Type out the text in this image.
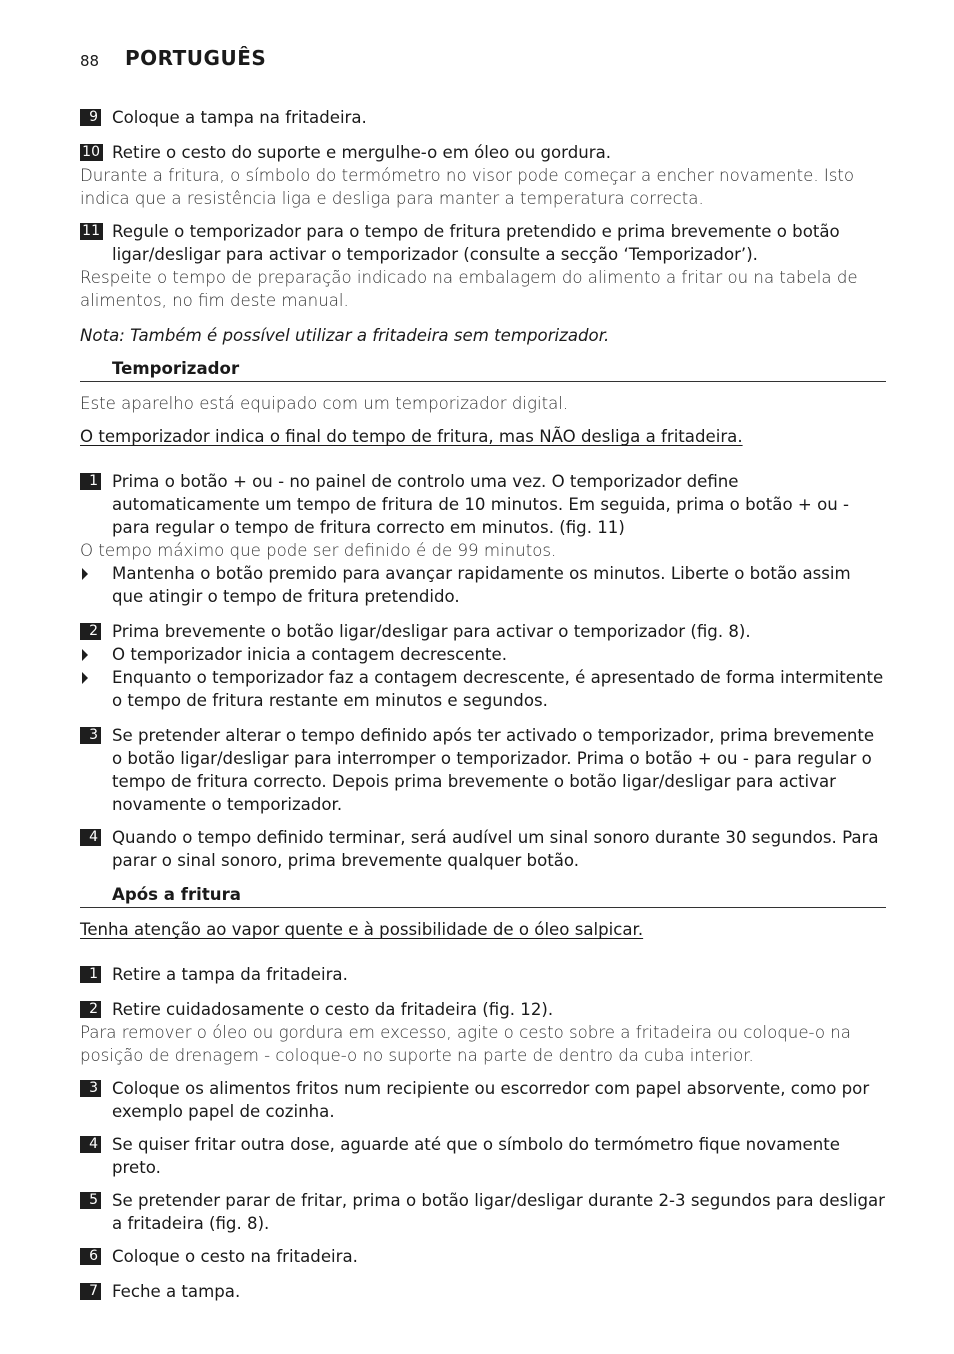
88	PORTUGUÊS
9 Coloque a tampa na fritadeira.
10 Retire o cesto do suporte e mergulhe-o em óleo ou gordura.
Durante a fritura, o símbolo do termómetro no visor pode começar a encher novamente. Isto indica que a resistência liga e desliga para manter a temperatura correcta.
11 Regule o temporizador para o tempo de fritura pretendido e prima brevemente o botão ligar/desligar para activar o temporizador (consulte a secção ‘Temporizador’).
Respeite o tempo de preparação indicado na embalagem do alimento a fritar ou na tabela de alimentos, no fim deste manual.
Nota: Também é possível utilizar a fritadeira sem temporizador.
Temporizador
Este aparelho está equipado com um temporizador digital.
O temporizador indica o final do tempo de fritura, mas NÃO desliga a fritadeira.
1 Prima o botão + ou - no painel de controlo uma vez. O temporizador define automaticamente um tempo de fritura de 10 minutos. Em seguida, prima o botão + ou - para regular o tempo de fritura correcto em minutos. (fig. 11)
O tempo máximo que pode ser definido é de 99 minutos.
Mantenha o botão premido para avançar rapidamente os minutos. Liberte o botão assim que atingir o tempo de fritura pretendido.
2 Prima brevemente o botão ligar/desligar para activar o temporizador (fig. 8).
O temporizador inicia a contagem decrescente.
Enquanto o temporizador faz a contagem decrescente, é apresentado de forma intermitente o tempo de fritura restante em minutos e segundos.
3 Se pretender alterar o tempo definido após ter activado o temporizador, prima brevemente o botão ligar/desligar para interromper o temporizador. Prima o botão + ou - para regular o tempo de fritura correcto. Depois prima brevemente o botão ligar/desligar para activar novamente o temporizador.
4 Quando o tempo definido terminar, será audível um sinal sonoro durante 30 segundos. Para parar o sinal sonoro, prima brevemente qualquer botão.
Após a fritura
Tenha atenção ao vapor quente e à possibilidade de o óleo salpicar.
1 Retire a tampa da fritadeira.
2 Retire cuidadosamente o cesto da fritadeira (fig. 12).
Para remover o óleo ou gordura em excesso, agite o cesto sobre a fritadeira ou coloque-o na posição de drenagem - coloque-o no suporte na parte de dentro da cuba interior.
3 Coloque os alimentos fritos num recipiente ou escorredor com papel absorvente, como por exemplo papel de cozinha.
4 Se quiser fritar outra dose, aguarde até que o símbolo do termómetro fique novamente preto.
5 Se pretender parar de fritar, prima o botão ligar/desligar durante 2-3 segundos para desligar a fritadeira (fig. 8).
6 Coloque o cesto na fritadeira.
7 Feche a tampa.
